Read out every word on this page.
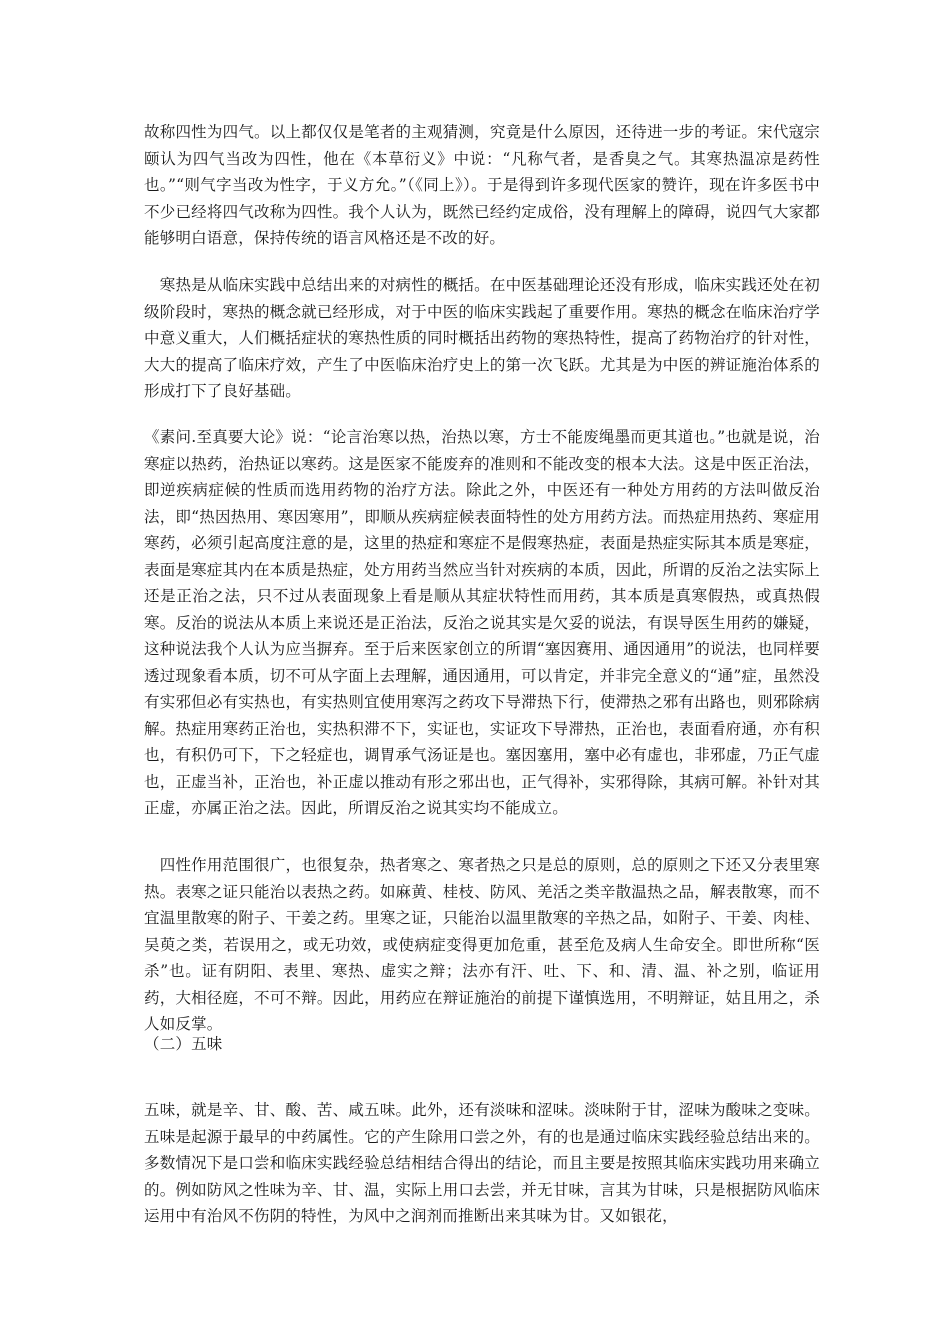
故称四性为四气。以上都仅仅是笔者的主观猜测，究竟是什么原因，还待进一步的考证。宋代寇宗颐认为四气当改为四性，他在《本草衍义》中说：“凡称气者，是香臭之气。其寒热温凉是药性也。”“则气字当改为性字，于义方允。”（《同上》）。于是得到许多现代医家的赞许，现在许多医书中不少已经将四气改称为四性。我个人认为，既然已经约定成俗，没有理解上的障碍，说四气大家都能够明白语意，保持传统的语言风格还是不改的好。

　寒热是从临床实践中总结出来的对病性的概括。在中医基础理论还没有形成，临床实践还处在初级阶段时，寒热的概念就已经形成，对于中医的临床实践起了重要作用。寒热的概念在临床治疗学中意义重大，人们概括症状的寒热性质的同时概括出药物的寒热特性，提高了药物治疗的针对性，大大的提高了临床疗效，产生了中医临床治疗史上的第一次飞跃。尤其是为中医的辨证施治体系的形成打下了良好基础。

《素问.至真要大论》说：“论言治寒以热，治热以寒，方士不能废绳墨而更其道也。”也就是说，治寒症以热药，治热证以寒药。这是医家不能废弃的准则和不能改变的根本大法。这是中医正治法，即逆疾病症候的性质而选用药物的治疗方法。除此之外，中医还有一种处方用药的方法叫做反治法，即“热因热用、寒因寒用”，即顺从疾病症候表面特性的处方用药方法。而热症用热药、寒症用寒药，必须引起高度注意的是，这里的热症和寒症不是假寒热症，表面是热症实际其本质是寒症，表面是寒症其内在本质是热症，处方用药当然应当针对疾病的本质，因此，所谓的反治之法实际上还是正治之法，只不过从表面现象上看是顺从其症状特性而用药，其本质是真寒假热，或真热假寒。反治的说法从本质上来说还是正治法，反治之说其实是欠妥的说法，有误导医生用药的嫌疑，这种说法我个人认为应当摒弃。至于后来医家创立的所谓“塞因赛用、通因通用”的说法，也同样要透过现象看本质，切不可从字面上去理解，通因通用，可以肯定，并非完全意义的“通”症，虽然没有实邪但必有实热也，有实热则宜使用寒泻之药攻下导滞热下行，使滞热之邪有出路也，则邪除病解。热症用寒药正治也，实热积滞不下，实证也，实证攻下导滞热，正治也，表面看府通，亦有积也，有积仍可下，下之轻症也，调胃承气汤证是也。塞因塞用，塞中必有虚也，非邪虚，乃正气虚也，正虚当补，正治也，补正虚以推动有形之邪出也，正气得补，实邪得除，其病可解。补针对其正虚，亦属正治之法。因此，所谓反治之说其实均不能成立。

　四性作用范围很广，也很复杂，热者寒之、寒者热之只是总的原则，总的原则之下还又分表里寒热。表寒之证只能治以表热之药。如麻黄、桂枝、防风、羌活之类辛散温热之品，解表散寒，而不宜温里散寒的附子、干姜之药。里寒之证，只能治以温里散寒的辛热之品，如附子、干姜、肉桂、吴萸之类，若误用之，或无功效，或使病症变得更加危重，甚至危及病人生命安全。即世所称“医杀”也。证有阴阳、表里、寒热、虚实之辩；法亦有汗、吐、下、和、清、温、补之别，临证用药，大相径庭，不可不辩。因此，用药应在辩证施治的前提下谨慎选用，不明辩证，姑且用之，杀人如反掌。

（二）五味

五味，就是辛、甘、酸、苦、咸五味。此外，还有淡味和涩味。淡味附于甘，涩味为酸味之变味。五味是起源于最早的中药属性。它的产生除用口尝之外，有的也是通过临床实践经验总结出来的。多数情况下是口尝和临床实践经验总结相结合得出的结论，而且主要是按照其临床实践功用来确立的。例如防风之性味为辛、甘、温，实际上用口去尝，并无甘味，言其为甘味，只是根据防风临床运用中有治风不伤阴的特性，为风中之润剂而推断出来其味为甘。又如银花，
